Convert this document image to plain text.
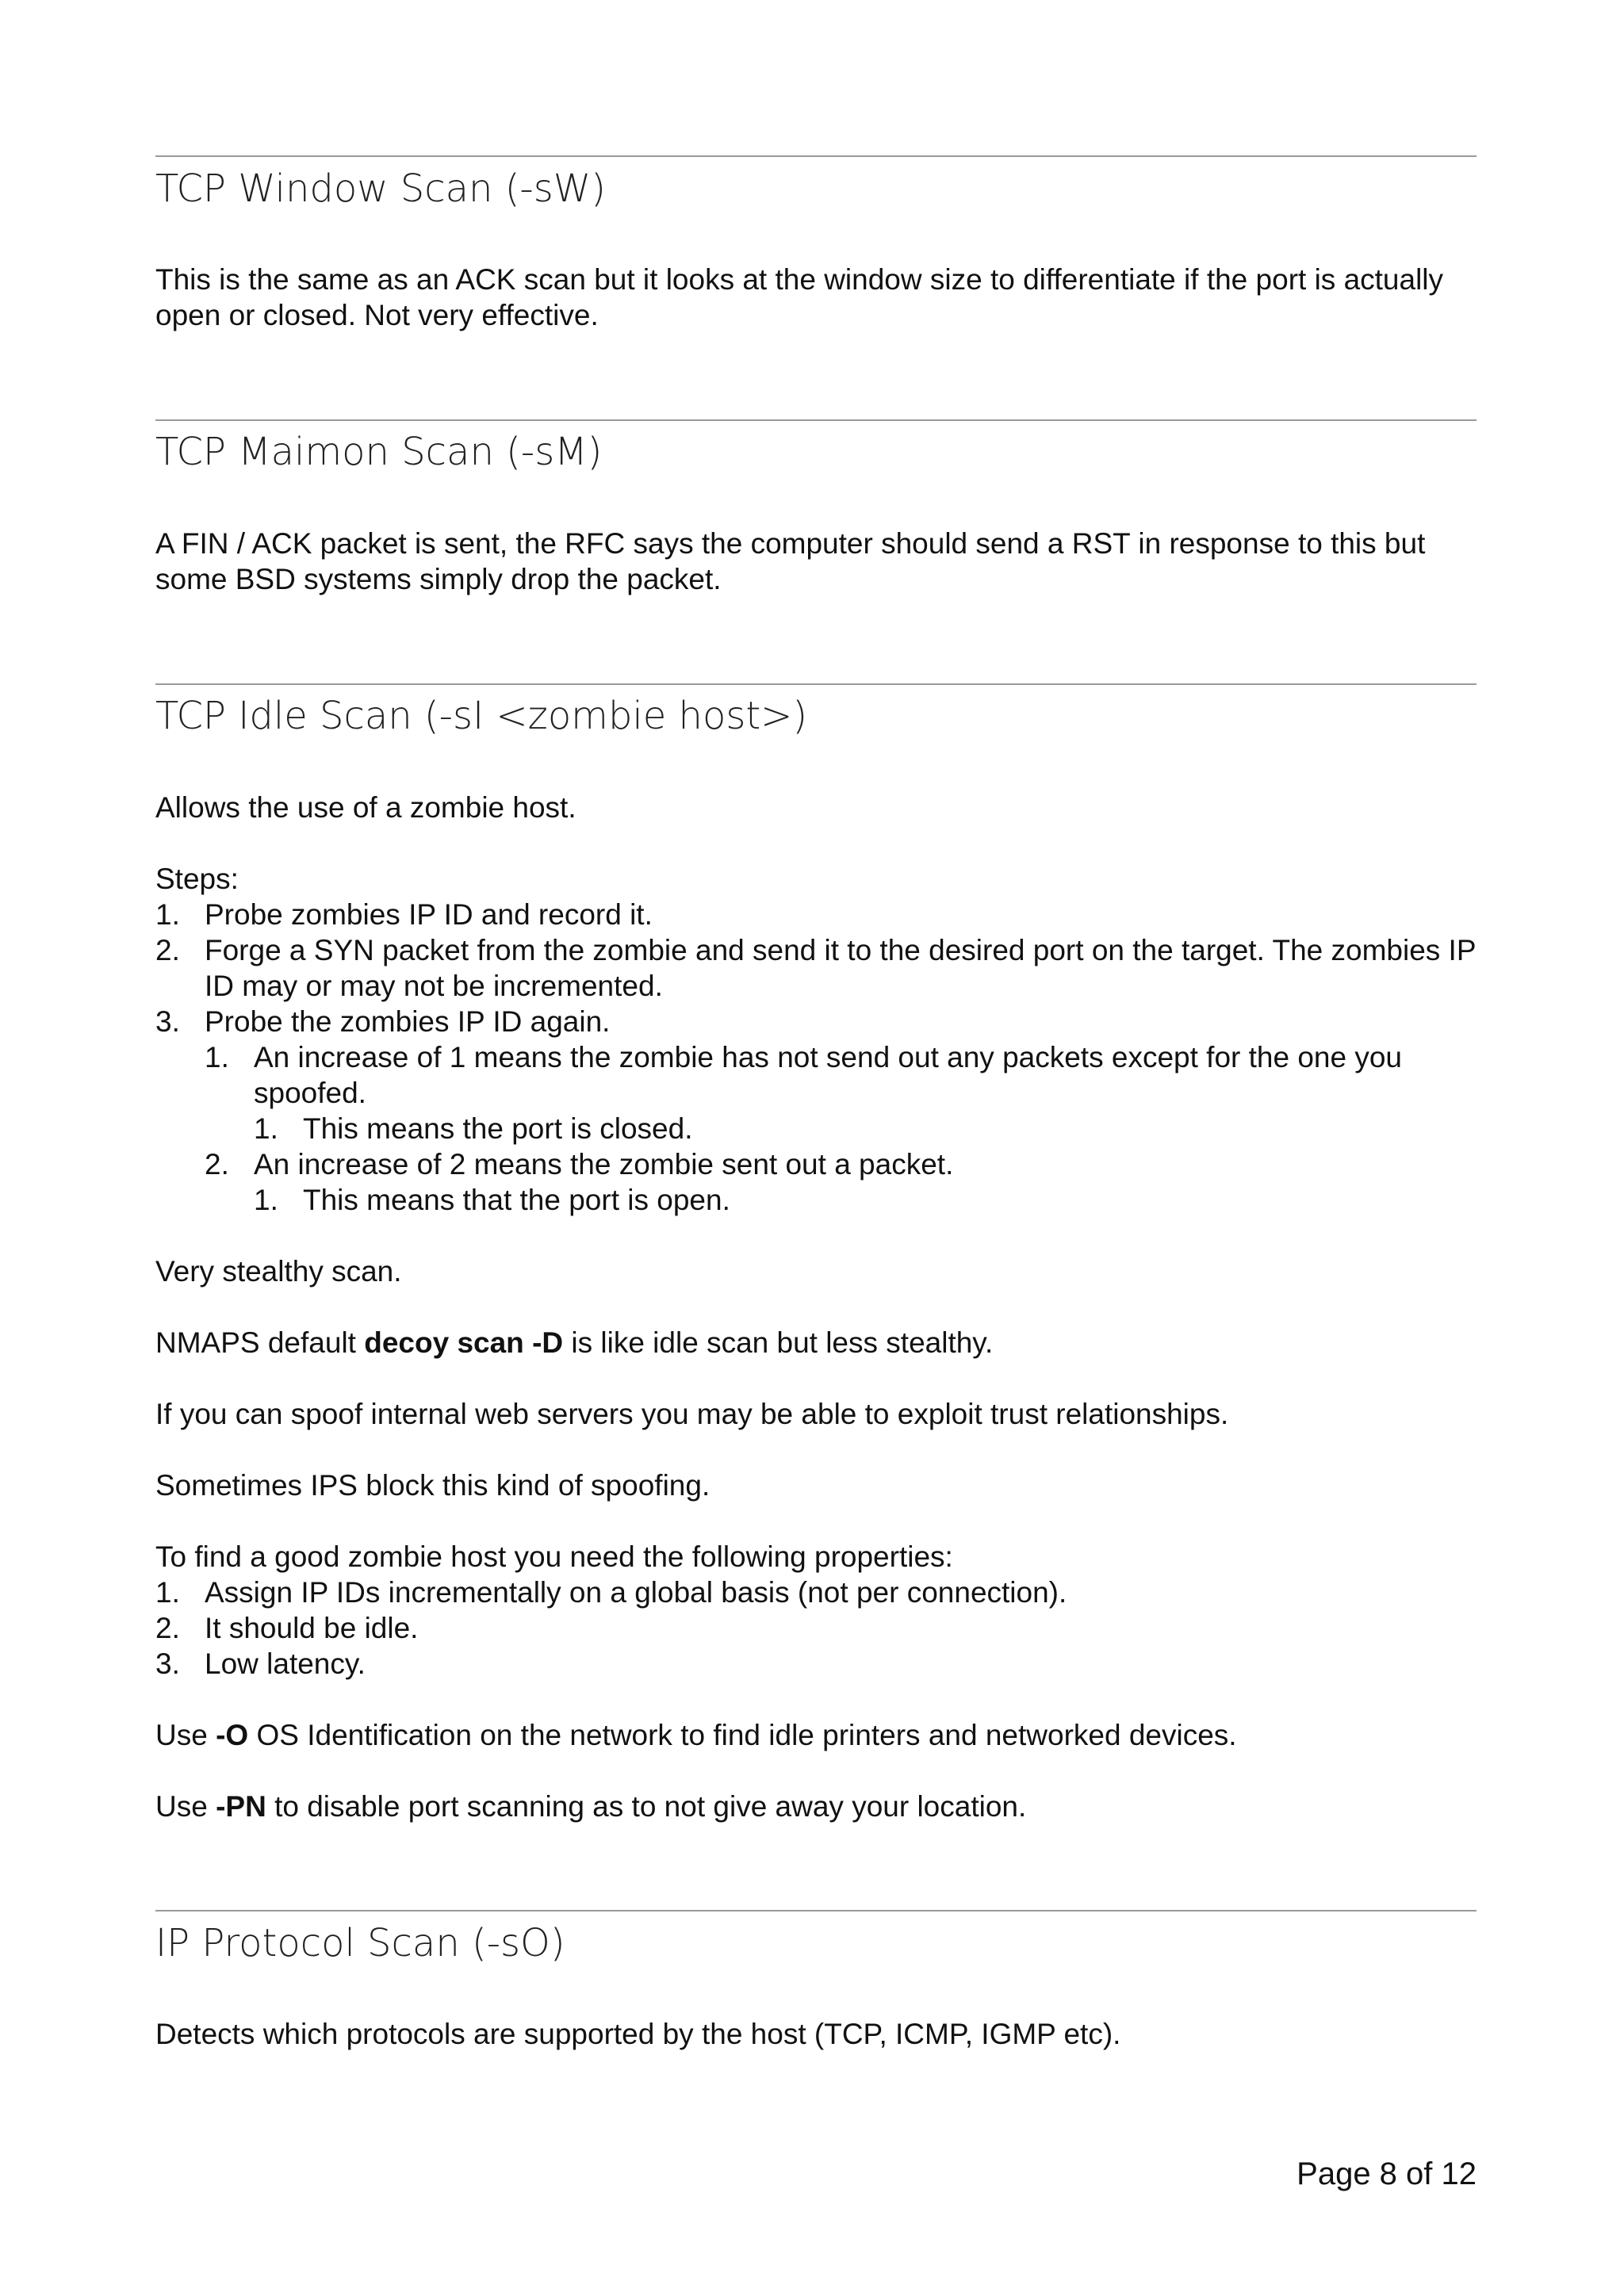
TCP Window Scan (-sW)
This is the same as an ACK scan but it looks at the window size to differentiate if the port is actually open or closed. Not very effective.
TCP Maimon Scan (-sM)
A FIN / ACK packet is sent, the RFC says the computer should send a RST in response to this but some BSD systems simply drop the packet.
TCP Idle Scan (-sI <zombie host>)
Allows the use of a zombie host.
Steps:
1. Probe zombies IP ID and record it.
2. Forge a SYN packet from the zombie and send it to the desired port on the target. The zombies IP ID may or may not be incremented.
3. Probe the zombies IP ID again.
1. An increase of 1 means the zombie has not send out any packets except for the one you spoofed.
1. This means the port is closed.
2. An increase of 2 means the zombie sent out a packet.
1. This means that the port is open.
Very stealthy scan.
NMAPS default decoy scan -D is like idle scan but less stealthy.
If you can spoof internal web servers you may be able to exploit trust relationships.
Sometimes IPS block this kind of spoofing.
To find a good zombie host you need the following properties:
1. Assign IP IDs incrementally on a global basis (not per connection).
2. It should be idle.
3. Low latency.
Use -O OS Identification on the network to find idle printers and networked devices.
Use -PN to disable port scanning as to not give away your location.
IP Protocol Scan (-sO)
Detects which protocols are supported by the host (TCP, ICMP, IGMP etc).
Page 8 of 12
